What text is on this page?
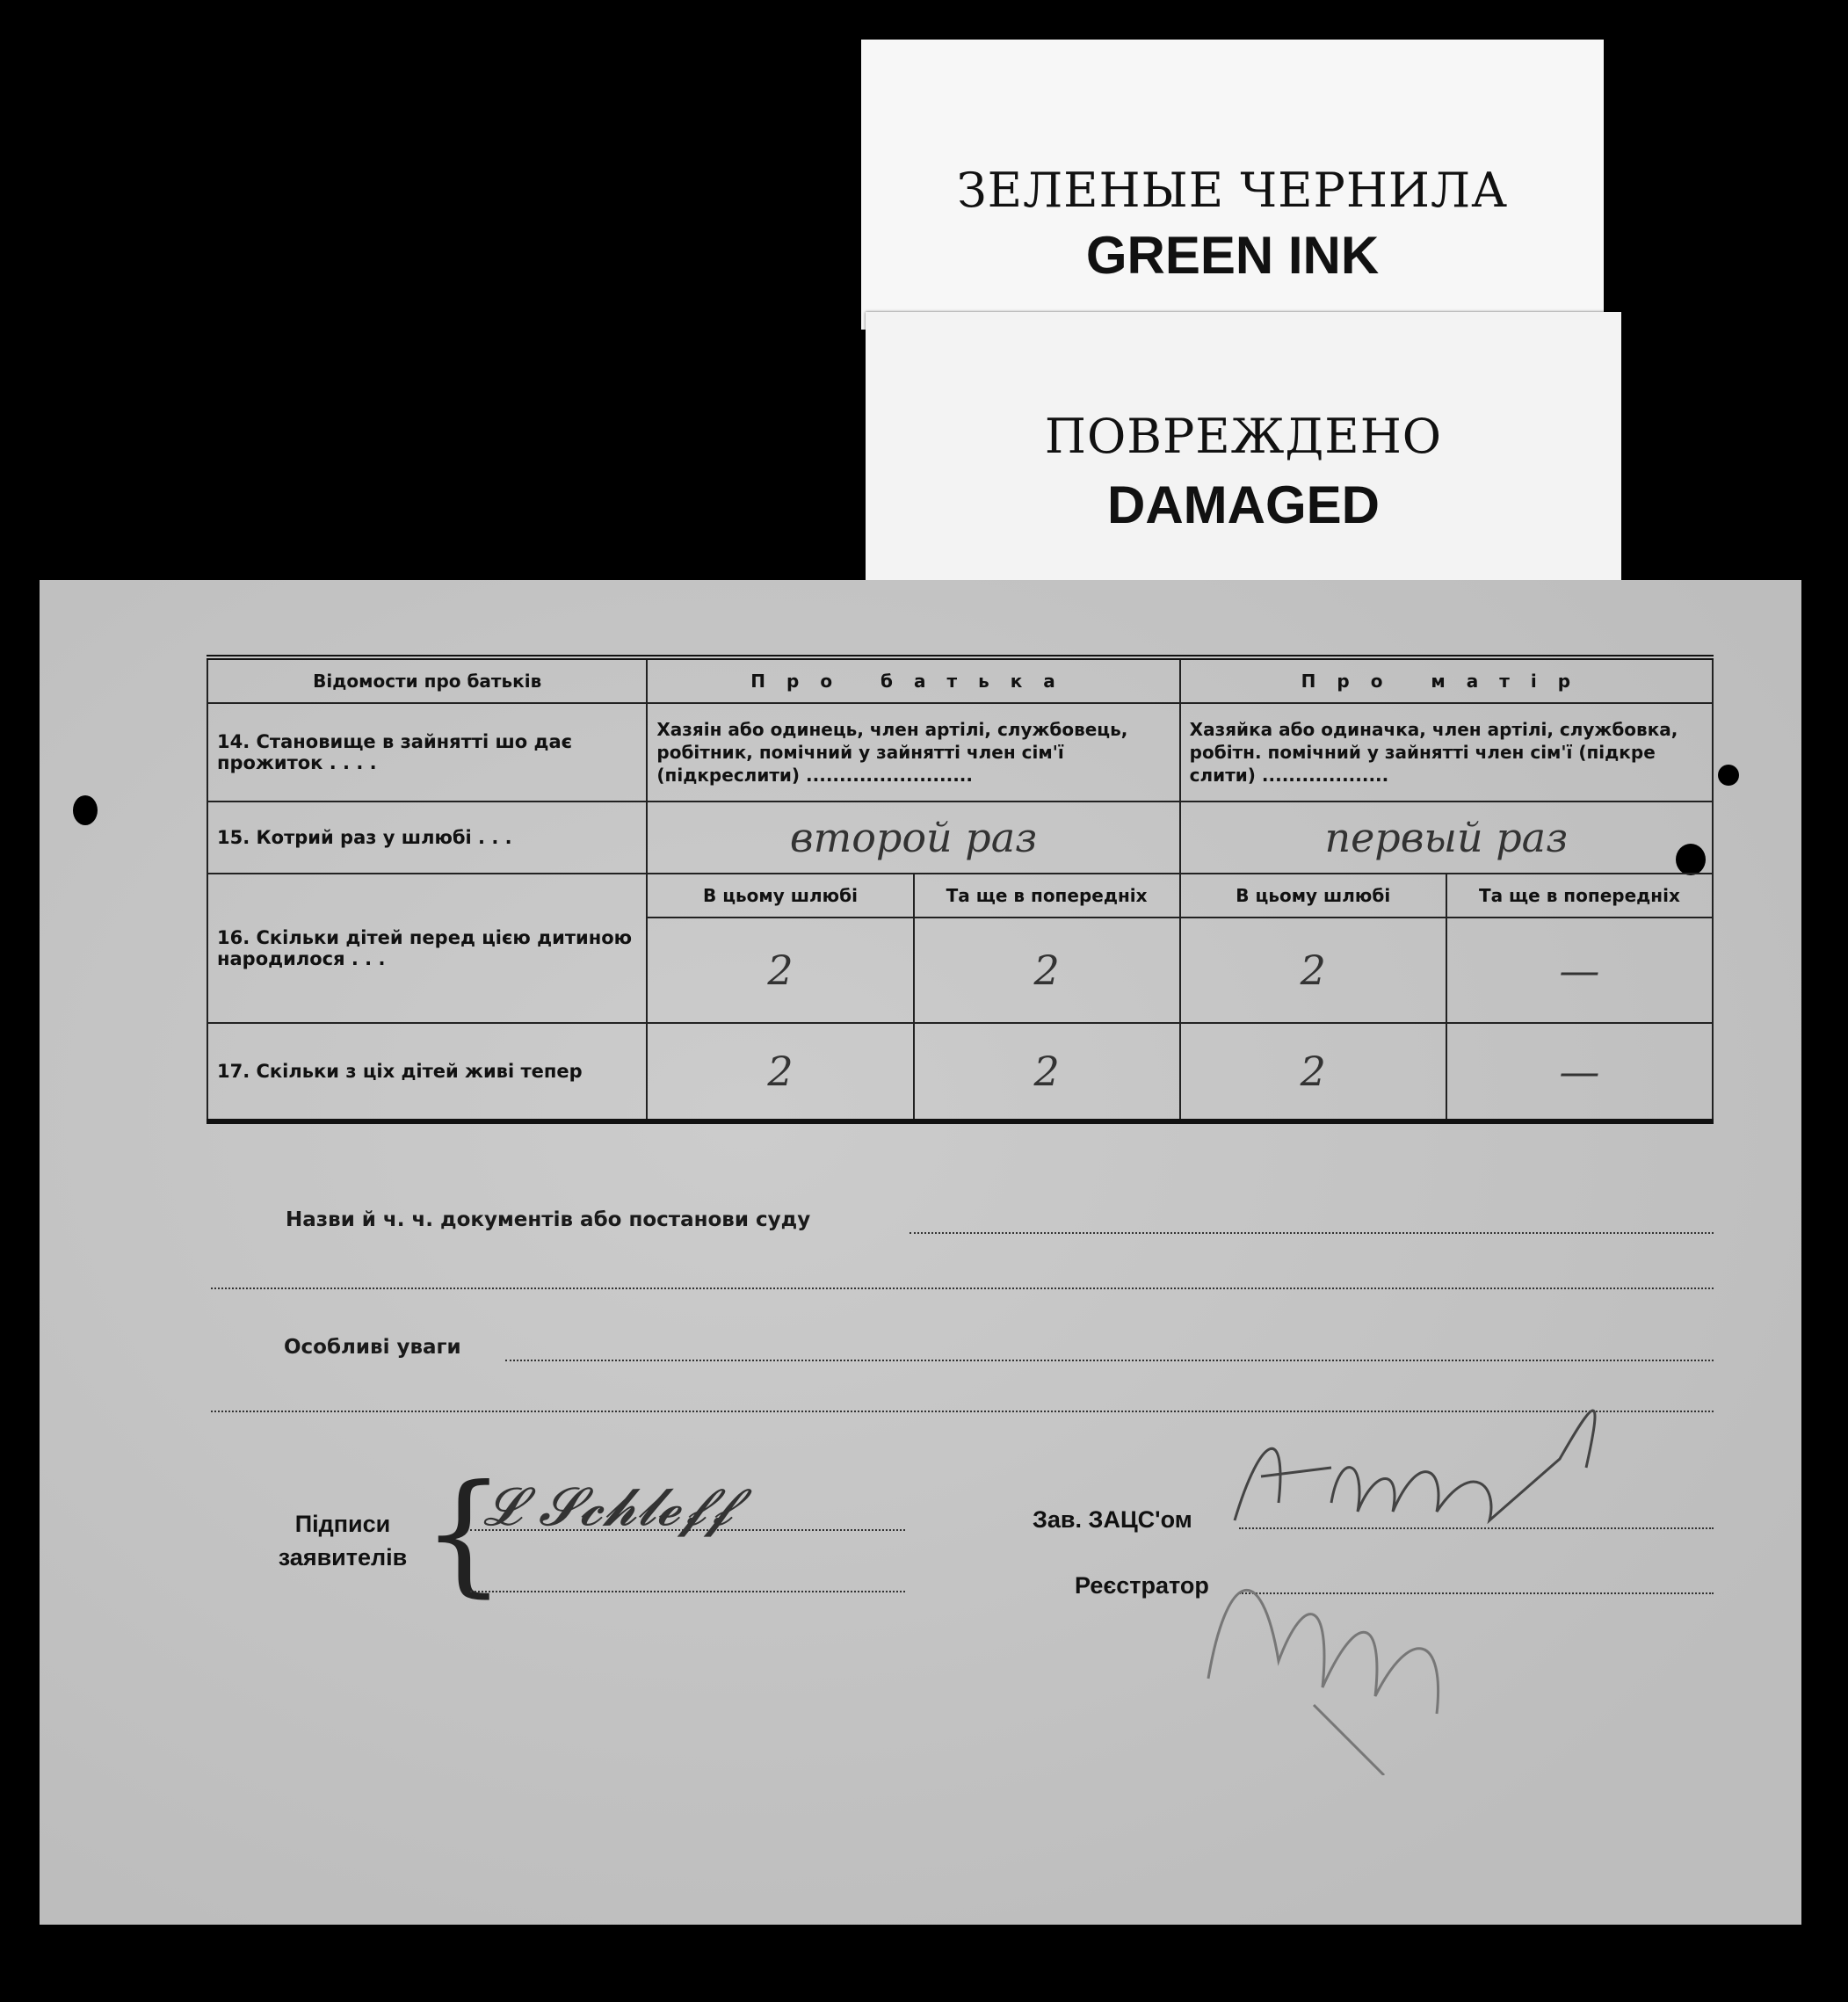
ЗЕЛЕНЫЕ ЧЕРНИЛА
GREEN INK
ПОВРЕЖДЕНО
DAMAGED
Відомости про батьків	Про батька		Про матір	
14. Становище в зайнятті шо дає прожиток . . . .	Хазяін або одинець, член артілі, службовець, робітник, помічний у зайнятті член сім'ї (підкреслити) .........................		Хазяйка або одиначка, член артілі, службовка, робітн. помічний у зайнятті член сім'ї (підкре слити) ...................	
15. Котрий раз у шлюбі . . .	второй раз		первый раз	
16. Скільки дітей перед цією дитиною народилося . . .	В цьому шлюбі	Та ще в попередніх	В цьому шлюбі	Та ще в попередніх
	2	2	2	—
17. Скільки з ціх дітей живі тепер	2	2	2	—
Назви й ч. ч. документів або постанови суду
Особливі уваги
Підписи
заявителів {
𝓛 𝓢𝓬𝓱𝓵𝓮𝓯𝓯	Зав. ЗАЦС'ом
Реєстратор
